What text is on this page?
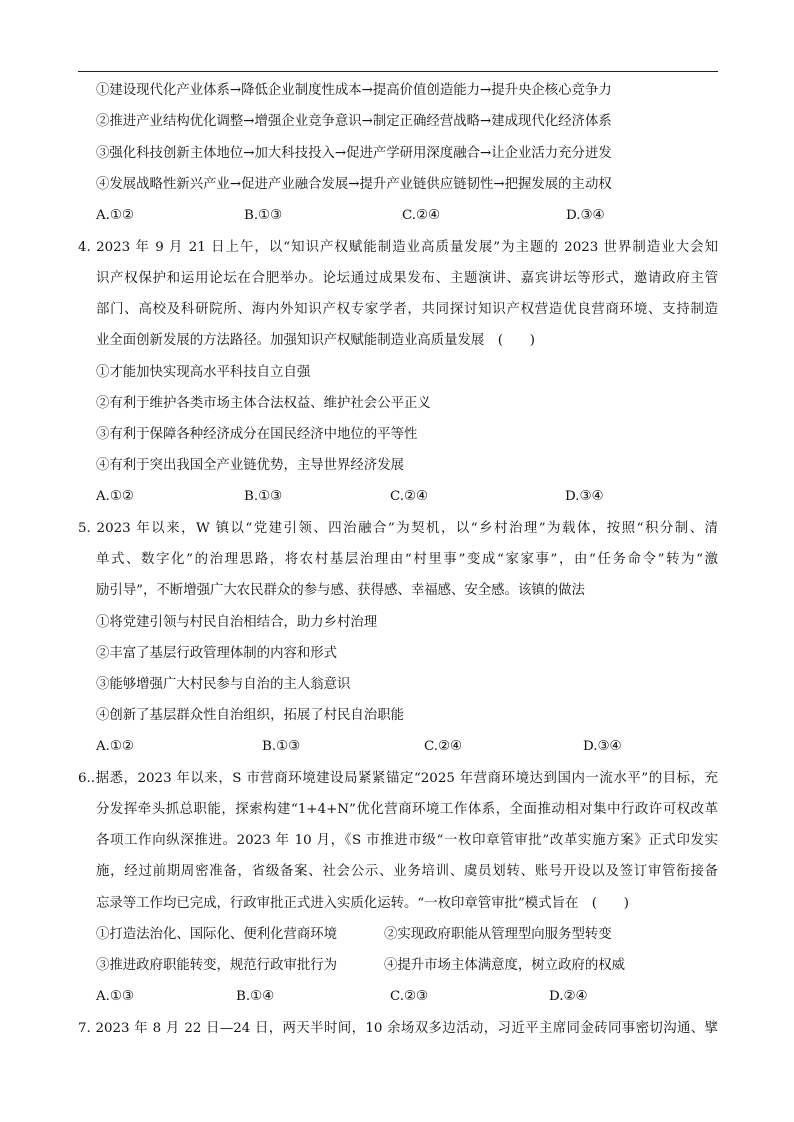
①建设现代化产业体系→降低企业制度性成本→提高价值创造能力→提升央企核心竞争力
②推进产业结构优化调整→增强企业竞争意识→制定正确经营战略→建成现代化经济体系
③强化科技创新主体地位→加大科技投入→促进产学研用深度融合→让企业活力充分迸发
④发展战略性新兴产业→促进产业融合发展→提升产业链供应链韧性→把握发展的主动权
A.①②	B.①③	C.②④	D.③④
4. 2023 年 9 月 21 日上午，以“知识产权赋能制造业高质量发展”为主题的 2023 世界制造业大会知
识产权保护和运用论坛在合肥举办。论坛通过成果发布、主题演讲、嘉宾讲坛等形式，邀请政府主管
部门、高校及科研院所、海内外知识产权专家学者，共同探讨知识产权营造优良营商环境、支持制造
业全面创新发展的方法路径。加强知识产权赋能制造业高质量发展　(　　)
①才能加快实现高水平科技自立自强
②有利于维护各类市场主体合法权益、维护社会公平正义
③有利于保障各种经济成分在国民经济中地位的平等性
④有利于突出我国全产业链优势，主导世界经济发展
A.①②	B.①③	C.②④	D.③④
5. 2023 年以来，W 镇以“党建引领、四治融合”为契机，以“乡村治理”为载体，按照“积分制、清
单式、数字化”的治理思路，将农村基层治理由“村里事”变成“家家事”，由“任务命令”转为“激
励引导”，不断增强广大农民群众的参与感、获得感、幸福感、安全感。该镇的做法
①将党建引领与村民自治相结合，助力乡村治理
②丰富了基层行政管理体制的内容和形式
③能够增强广大村民参与自治的主人翁意识
④创新了基层群众性自治组织，拓展了村民自治职能
A.①②	B.①③	C.②④	D.③④
6..据悉，2023 年以来，S 市营商环境建设局紧紧锚定“2025 年营商环境达到国内一流水平”的目标，充
分发挥牵头抓总职能，探索构建“1+4+N”优化营商环境工作体系，全面推动相对集中行政许可权改革
各项工作向纵深推进。2023 年 10 月，《S 市推进市级“一枚印章管审批”改革实施方案》正式印发实
施，经过前期周密准备，省级备案、社会公示、业务培训、虞员划转、账号开设以及签订审管衔接备
忘录等工作均已完成，行政审批正式进入实质化运转。“一枚印章管审批”模式旨在　(　　)
①打造法治化、国际化、便利化营商环境	②实现政府职能从管理型向服务型转变
③推进政府职能转变，规范行政审批行为	④提升市场主体满意度，树立政府的权威
A.①③	B.①④	C.②③	D.②④
7. 2023 年 8 月 22 日—24 日，两天半时间，10 余场双多边活动，习近平主席同金砖同事密切沟通、擘
